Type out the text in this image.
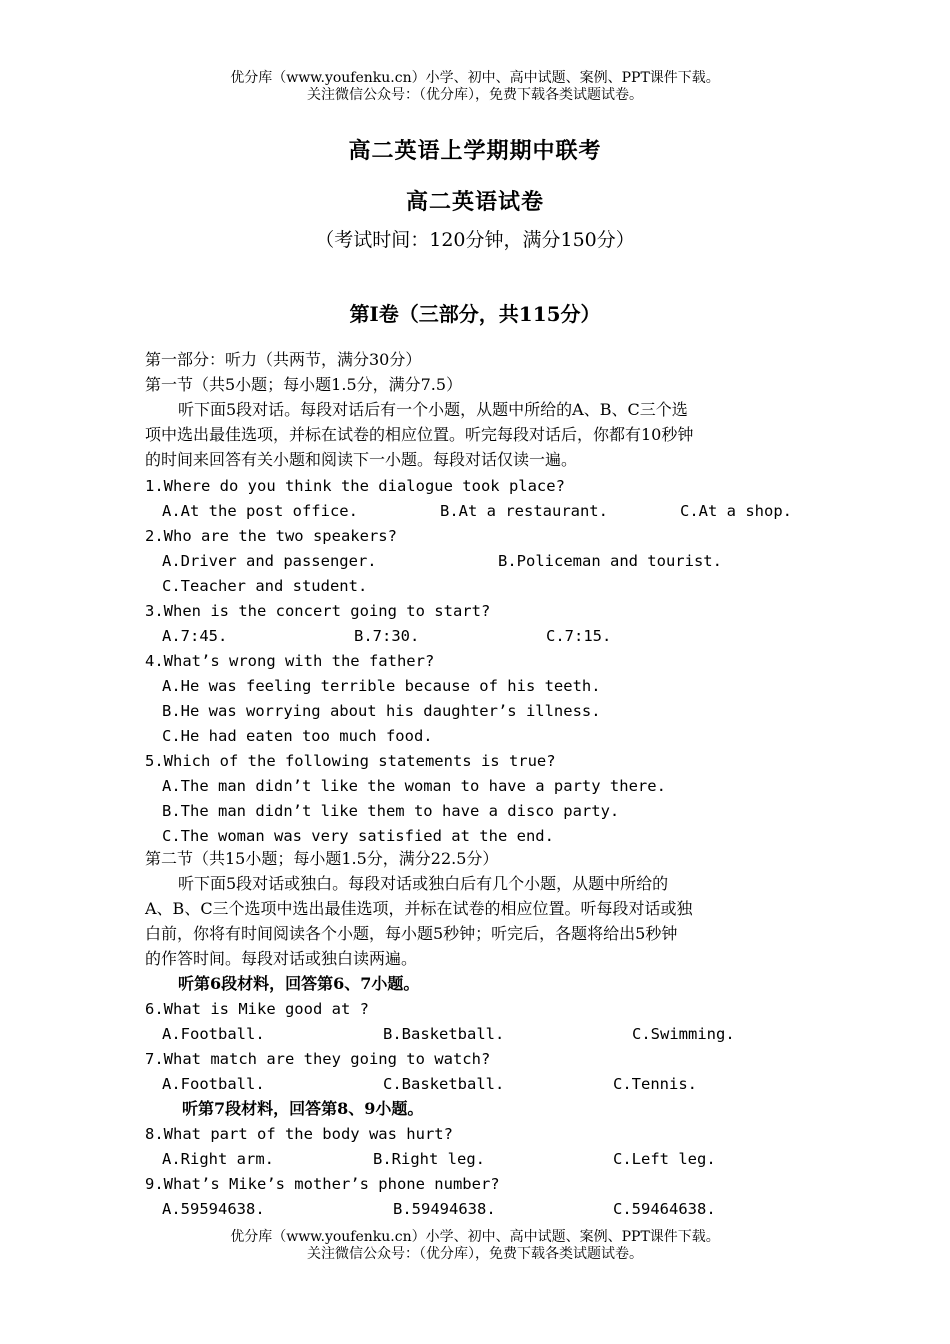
优分库（www.youfenku.cn）小学、初中、高中试题、案例、PPT课件下载。
关注微信公众号：（优分库），免费下载各类试题试卷。
高二英语上学期期中联考
高二英语试卷
（考试时间：120分钟，满分150分）
第Ⅰ卷（三部分，共115分）
第一部分：听力（共两节，满分30分）
第一节（共5小题；每小题1.5分，满分7.5）
听下面5段对话。每段对话后有一个小题，从题中所给的A、B、C三个选
项中选出最佳选项，并标在试卷的相应位置。听完每段对话后，你都有10秒钟
的时间来回答有关小题和阅读下一小题。每段对话仅读一遍。
1.Where do you think the dialogue took place?
A.At the post office.	B.At a restaurant.	C.At a shop.
2.Who are the two speakers?
A.Driver and passenger.	B.Policeman and tourist.
C.Teacher and student.
3.When is the concert going to start?
A.7:45.	B.7:30.	C.7:15.
4.What’s wrong with the father?
A.He was feeling terrible because of his teeth.
B.He was worrying about his daughter’s illness.
C.He had eaten too much food.
5.Which of the following statements is true?
A.The man didn’t like the woman to have a party there.
B.The man didn’t like them to have a disco party.
C.The woman was very satisfied at the end.
第二节（共15小题；每小题1.5分，满分22.5分）
听下面5段对话或独白。每段对话或独白后有几个小题，从题中所给的
A、B、C三个选项中选出最佳选项，并标在试卷的相应位置。听每段对话或独
白前，你将有时间阅读各个小题，每小题5秒钟；听完后，各题将给出5秒钟
的作答时间。每段对话或独白读两遍。
听第6段材料，回答第6、7小题。
6.What is Mike good at ?
A.Football.	B.Basketball.	C.Swimming.
7.What match are they going to watch?
A.Football.	C.Basketball.	C.Tennis.
听第7段材料，回答第8、9小题。
8.What part of the body was hurt?
A.Right arm.	B.Right leg.	C.Left leg.
9.What’s Mike’s mother’s phone number?
A.59594638.	B.59494638.	C.59464638.
优分库（www.youfenku.cn）小学、初中、高中试题、案例、PPT课件下载。
关注微信公众号：（优分库），免费下载各类试题试卷。
